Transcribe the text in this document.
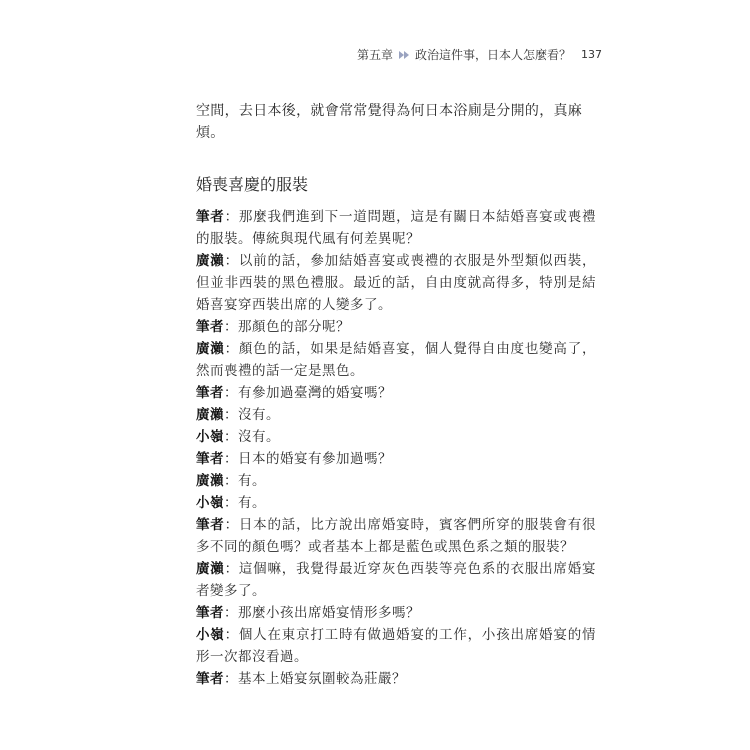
第五章 政治這件事，日本人怎麼看？ 137

空間，去日本後，就會常常覺得為何日本浴廁是分開的，真麻煩。

婚喪喜慶的服裝

筆者：那麼我們進到下一道問題，這是有關日本結婚喜宴或喪禮的服裝。傳統與現代風有何差異呢？

廣瀨：以前的話，參加結婚喜宴或喪禮的衣服是外型類似西裝，但並非西裝的黑色禮服。最近的話，自由度就高得多，特別是結婚喜宴穿西裝出席的人變多了。

筆者：那顏色的部分呢？

廣瀨：顏色的話，如果是結婚喜宴，個人覺得自由度也變高了，然而喪禮的話一定是黑色。

筆者：有參加過臺灣的婚宴嗎？

廣瀨：沒有。

小嶺：沒有。

筆者：日本的婚宴有參加過嗎？

廣瀨：有。

小嶺：有。

筆者：日本的話，比方說出席婚宴時，賓客們所穿的服裝會有很多不同的顏色嗎？或者基本上都是藍色或黑色系之類的服裝？

廣瀨：這個嘛，我覺得最近穿灰色西裝等亮色系的衣服出席婚宴者變多了。

筆者：那麼小孩出席婚宴情形多嗎？

小嶺：個人在東京打工時有做過婚宴的工作，小孩出席婚宴的情形一次都沒看過。

筆者：基本上婚宴氛圍較為莊嚴？
